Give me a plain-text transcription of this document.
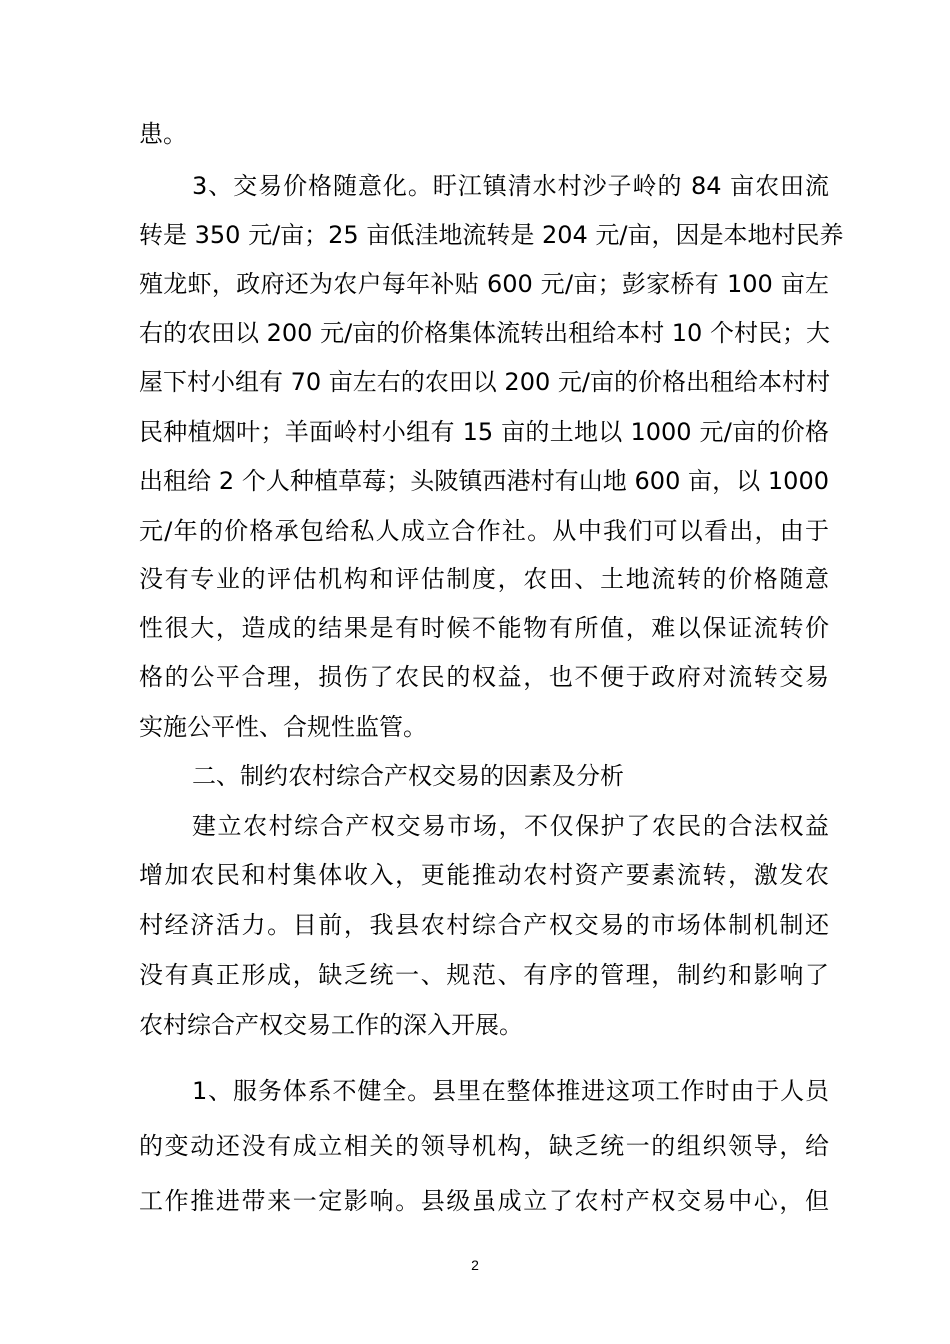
患。
3、交易价格随意化。盱江镇清水村沙子岭的 84 亩农田流
转是 350 元/亩；25 亩低洼地流转是 204 元/亩，因是本地村民养
殖龙虾，政府还为农户每年补贴 600 元/亩；彭家桥有 100 亩左
右的农田以 200 元/亩的价格集体流转出租给本村 10 个村民；大
屋下村小组有 70 亩左右的农田以 200 元/亩的价格出租给本村村
民种植烟叶；羊面岭村小组有 15 亩的土地以 1000 元/亩的价格
出租给 2 个人种植草莓；头陂镇西港村有山地 600 亩，以 1000
元/年的价格承包给私人成立合作社。从中我们可以看出，由于
没有专业的评估机构和评估制度，农田、土地流转的价格随意
性很大，造成的结果是有时候不能物有所值，难以保证流转价
格的公平合理，损伤了农民的权益，也不便于政府对流转交易
实施公平性、合规性监管。
二、制约农村综合产权交易的因素及分析
建立农村综合产权交易市场，不仅保护了农民的合法权益
增加农民和村集体收入，更能推动农村资产要素流转，激发农
村经济活力。目前，我县农村综合产权交易的市场体制机制还
没有真正形成，缺乏统一、规范、有序的管理，制约和影响了
农村综合产权交易工作的深入开展。
1、服务体系不健全。县里在整体推进这项工作时由于人员
的变动还没有成立相关的领导机构，缺乏统一的组织领导，给
工作推进带来一定影响。县级虽成立了农村产权交易中心，但
2
